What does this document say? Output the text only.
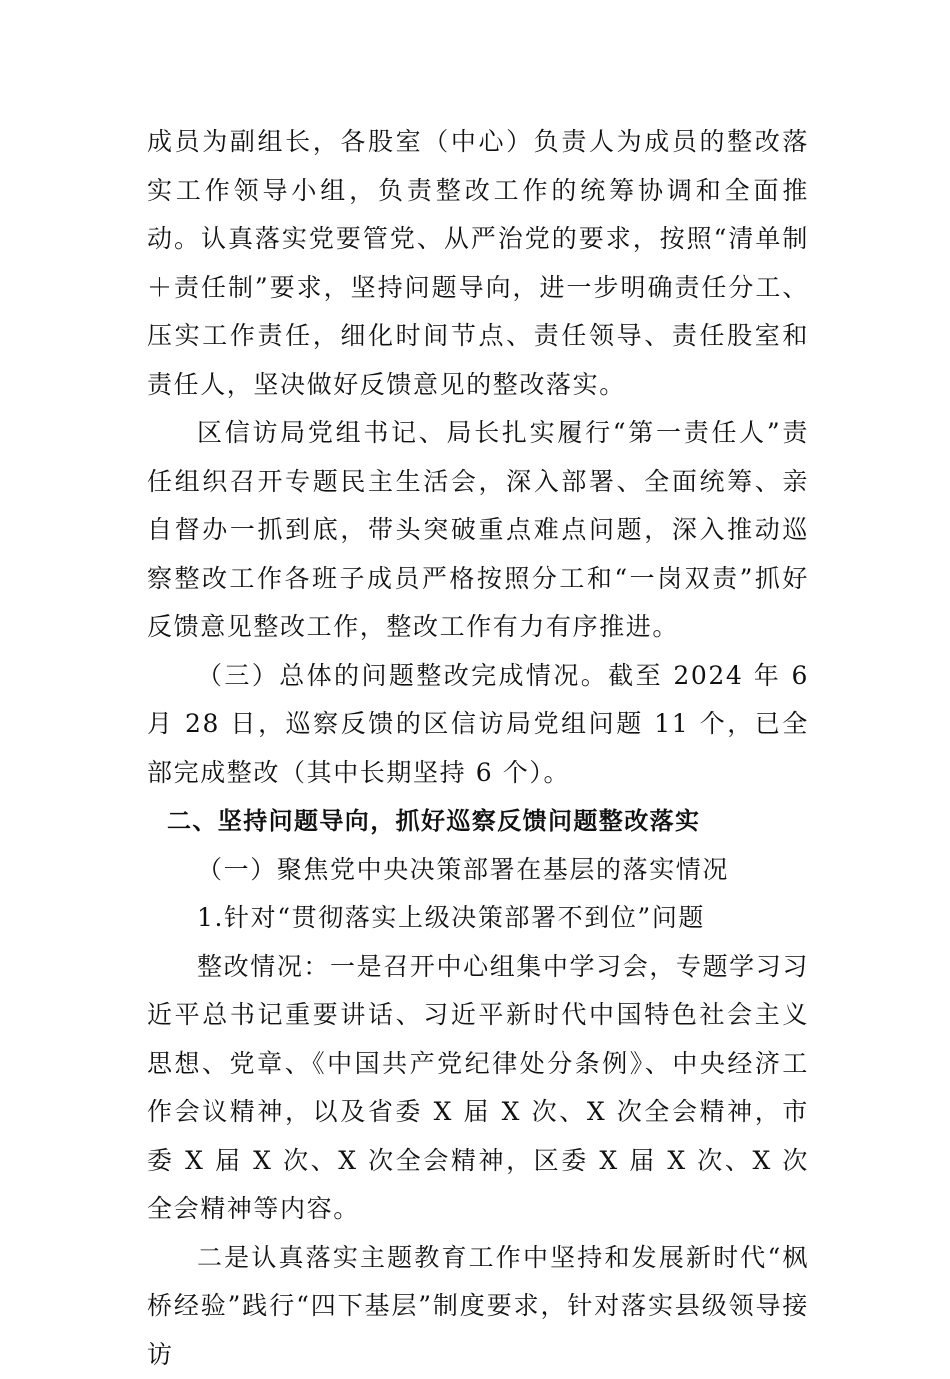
成员为副组长，各股室（中心）负责人为成员的整改落实工作领导小组，负责整改工作的统筹协调和全面推动。认真落实党要管党、从严治党的要求，按照“清单制＋责任制”要求，坚持问题导向，进一步明确责任分工、压实工作责任，细化时间节点、责任领导、责任股室和责任人，坚决做好反馈意见的整改落实。

区信访局党组书记、局长扎实履行“第一责任人”责任组织召开专题民主生活会，深入部署、全面统筹、亲自督办一抓到底，带头突破重点难点问题，深入推动巡察整改工作各班子成员严格按照分工和“一岗双责”抓好反馈意见整改工作，整改工作有力有序推进。

（三）总体的问题整改完成情况。截至 2024 年 6 月 28 日，巡察反馈的区信访局党组问题 11 个，已全部完成整改（其中长期坚持 6 个）。

二、坚持问题导向，抓好巡察反馈问题整改落实

（一）聚焦党中央决策部署在基层的落实情况

1.针对“贯彻落实上级决策部署不到位”问题

整改情况：一是召开中心组集中学习会，专题学习习近平总书记重要讲话、习近平新时代中国特色社会主义思想、党章、《中国共产党纪律处分条例》、中央经济工作会议精神，以及省委 X 届 X 次、X 次全会精神，市委 X 届 X 次、X 次全会精神，区委 X 届 X 次、X 次全会精神等内容。

二是认真落实主题教育工作中坚持和发展新时代“枫桥经验”践行“四下基层”制度要求，针对落实县级领导接访
